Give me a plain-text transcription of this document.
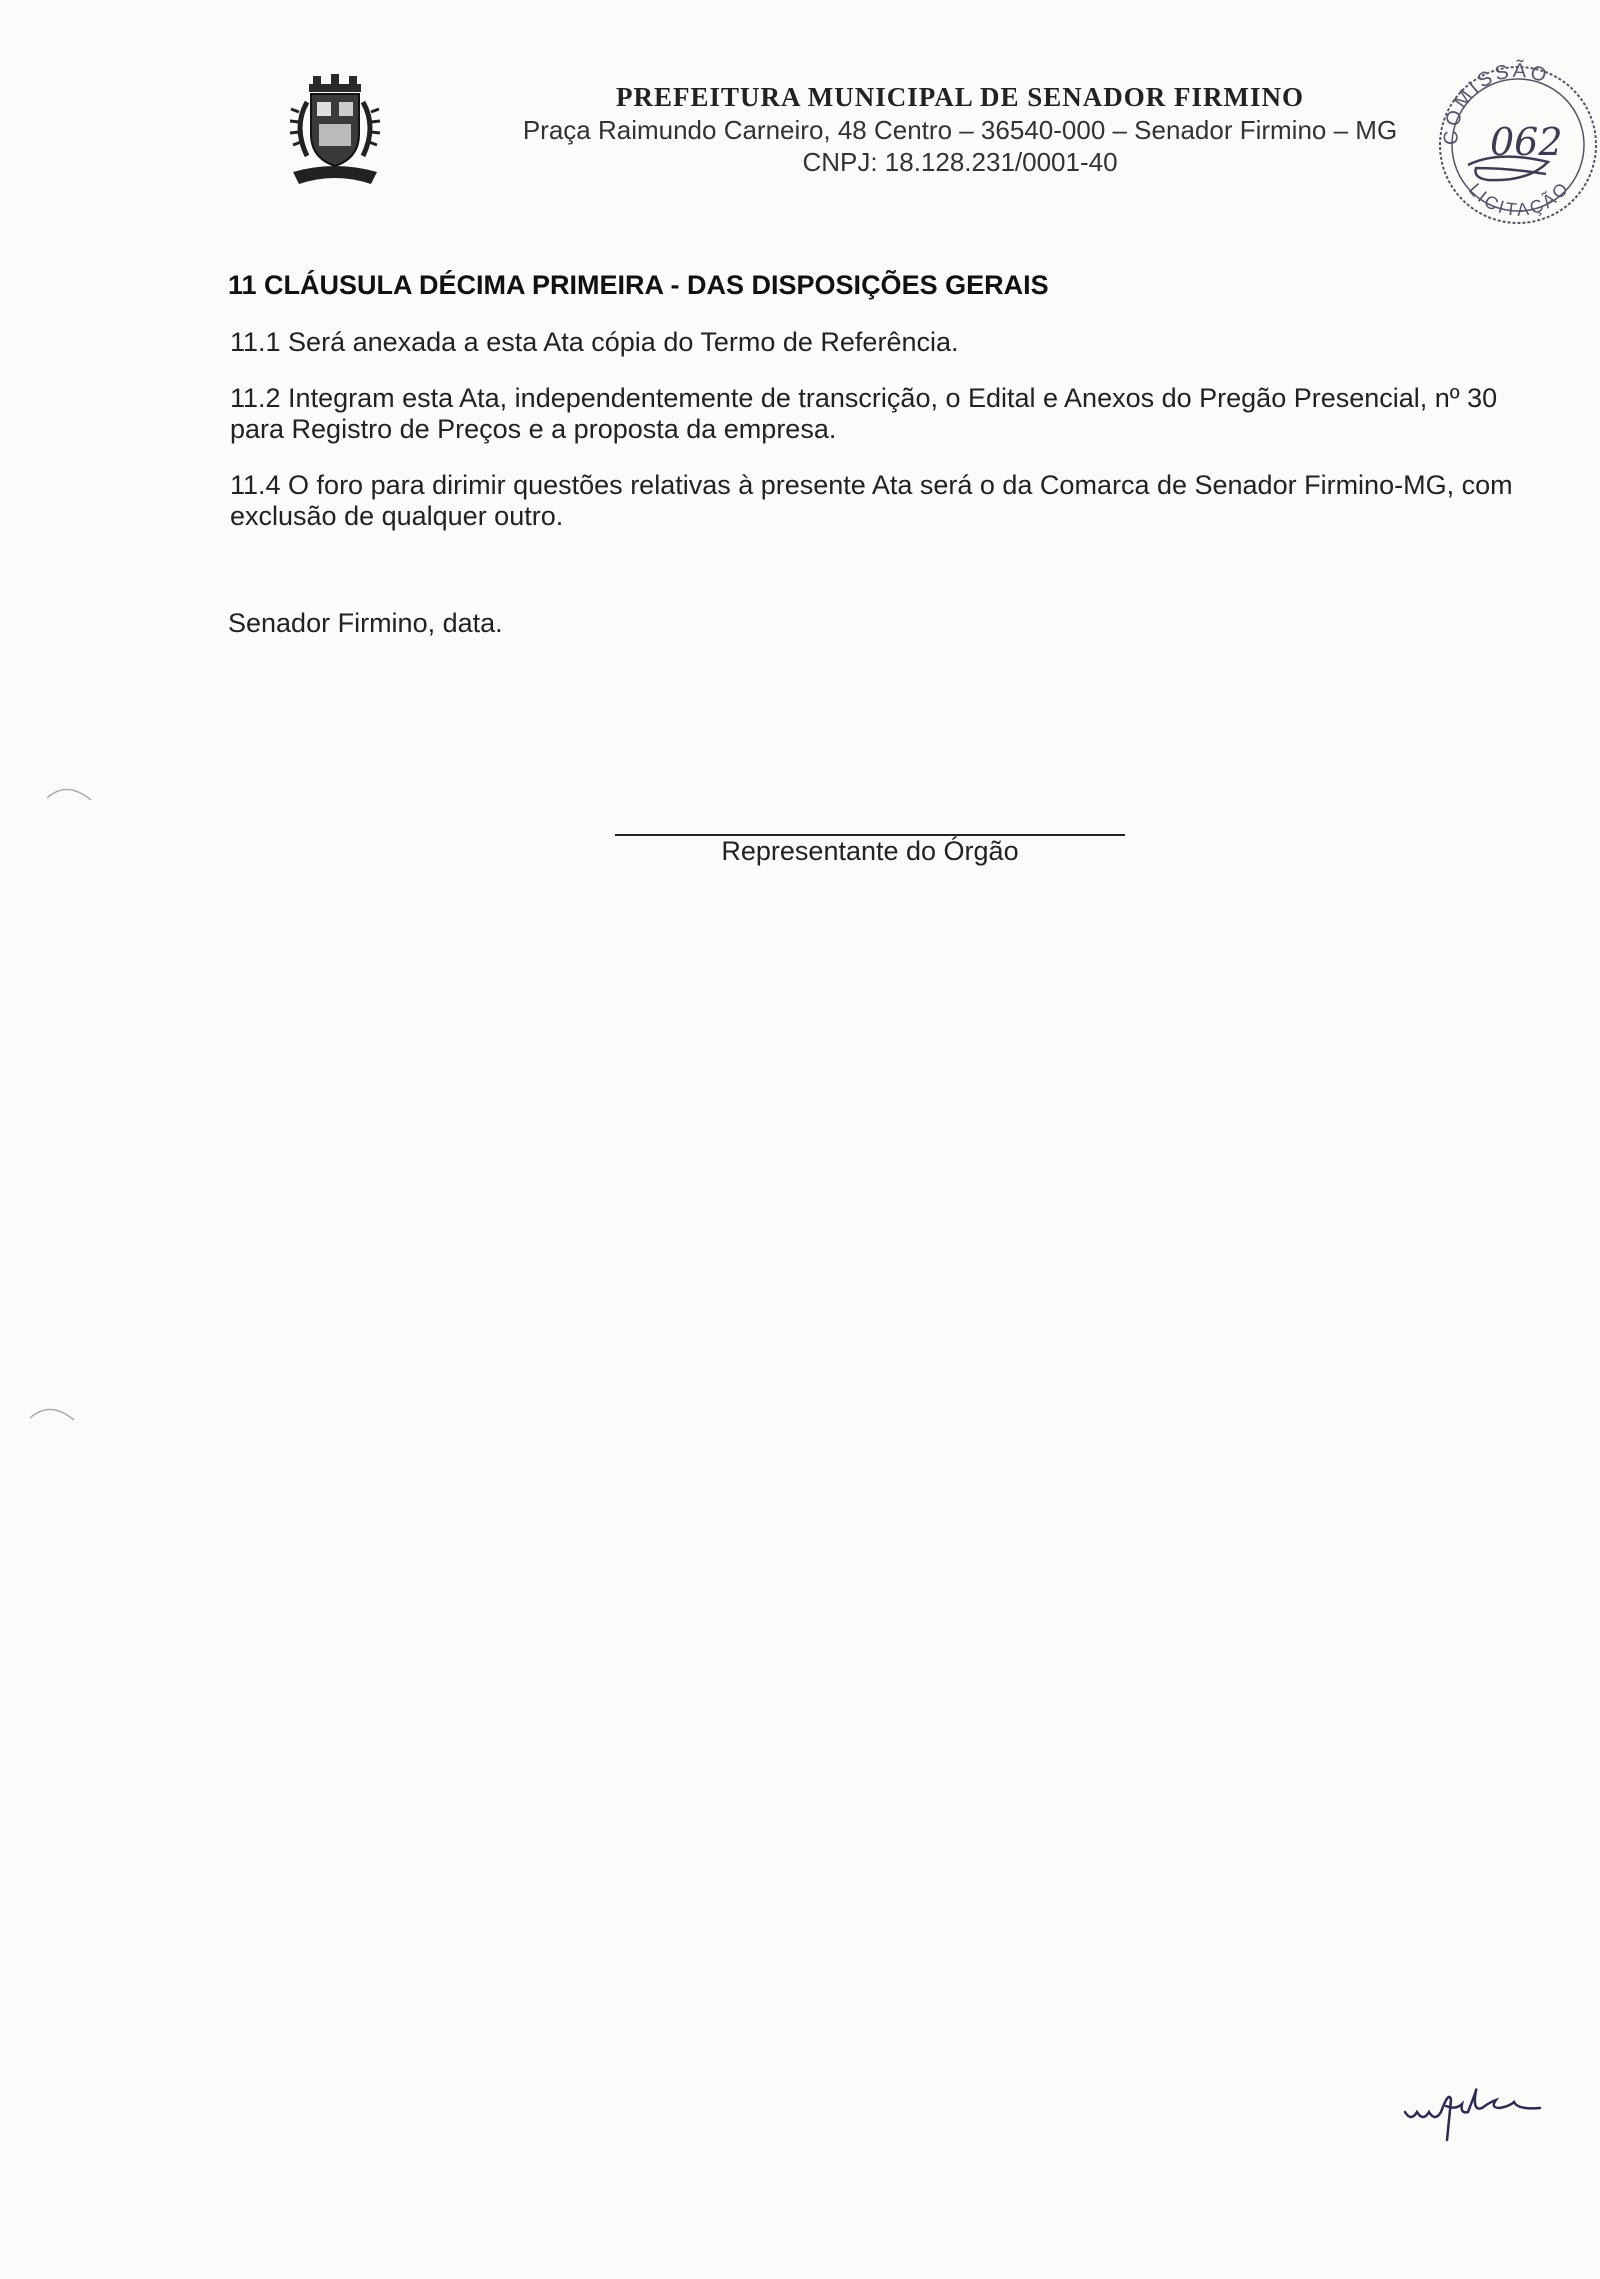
PREFEITURA MUNICIPAL DE SENADOR FIRMINO
Praça Raimundo Carneiro, 48 Centro – 36540-000 – Senador Firmino – MG
CNPJ: 18.128.231/0001-40
COMISSÃO
LICITAÇÃO
062
11 CLÁUSULA DÉCIMA PRIMEIRA - DAS DISPOSIÇÕES GERAIS
11.1 Será anexada a esta Ata cópia do Termo de Referência.
11.2 Integram esta Ata, independentemente de transcrição, o Edital e Anexos do Pregão Presencial, nº 30 para Registro de Preços e a proposta da empresa.
11.4 O foro para dirimir questões relativas à presente Ata será o da Comarca de Senador Firmino-MG, com exclusão de qualquer outro.
Senador Firmino, data.
Representante do Órgão
